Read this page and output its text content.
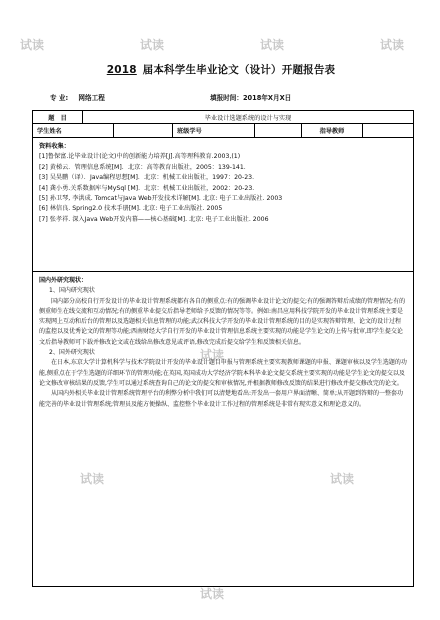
试读	试读	试读	试读
试读
试读	试读
试读
2018 届本科学生毕业论文（设计）开题报告表
专 业: 网络工程	填报时间：2018年X月X日
题　目	毕业设计选题系统的设计与实现
学生姓名	班级学号	指导教师
资料收集：
[1]鲁保富.论毕业设计(论文)中的创新能力培养[J].高等理科教育.2003,(1)
[2] 黄梯云．管理信息系统[M]．北京：高等教育出版社，2005：139-141．
[3] 吴昊鹏（译）．Java编程思想[M]．北京：机械工业出版社，1997：20-23．
[4] 龚小勇.关系数据库与MySql [M]．北京：机械工业出版社，2002：20-23．
[5] 孙卫琴, 李洪成. Tomcat与Java Web开发技术详解[M]. 北京: 电子工业出版社. 2003
[6] 林信良. Spring2.0 技术手册[M]. 北京: 电子工业出版社. 2005
[7] 张孝祥. 深入Java Web开发内幕——核心基础[M]. 北京: 电子工业出版社. 2006
国内外研究现状：
1、国内研究现状

国内部分高校自行开发设计的毕业设计管理系统都有各自的侧重点:有的强调毕业设计论文的提交;有的强调答辩后成绩的管理情况;有的侧重师生在线交流和互动情况;有的侧重毕业提交后指导老师给予反馈的情况等等。例如:南昌应用科技学院开发的毕业设计管理系统主要是实现网上互动和后台的管理以及选题相关信息管理的功能;武汉科技大学开发的毕业设计管理系统的目的是实现答辩管理、论文的设计过程的监控以及优秀论文的管理等功能;西南财经大学自行开发的毕业设计管理信息系统主要实现的功能是学生论文的上传与批审,即学生提交论文后指导教师可下载并修改论文或在线给出修改意见或评语,修改完成后提交给学生和反馈相关信息。

2、国外研究现状

在日本,东京大学计算机科学与技术学院设计开发的毕业设计题目申报与管理系统主要实现教师课题的申报、课题审核以及学生选题的功能,侧重点在于学生选题的详细环节的管理功能;在英国,英国成功大学经济学院本科毕业论文提交系统主要实现的功能是学生论文的提交以及论文修改审核结果的反馈,学生可以通过系统查询自己的论文的提交和审核情况,并根据教师修改反馈的结果进行修改并提交修改完的论文。

从国内外相关毕业设计管理系统管理平台的利弊分析中我们可以清楚地看出:开发出一套用户界面清晰、简单;从开题到答辩的一整套功能完善的毕业设计管理系统;管理员及能方便操纵、监控整个毕业设计工作过程的管理系统是非常有现实意义和理论意义的。
